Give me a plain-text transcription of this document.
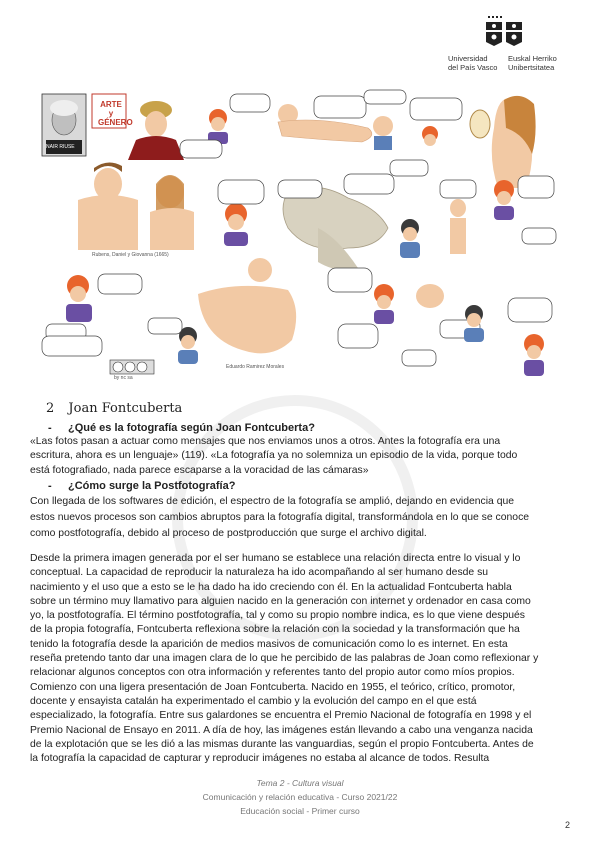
Universidad
del País Vasco
Euskal Herriko
Unibertsitatea
ARTE y GÉNERO
NAIR RIUSE
Rubens, Daniel y Giovanna (1665)
Eduardo Ramirez Morales
by nc sa
2 Joan Fontcuberta
- ¿Qué es la fotografía según Joan Fontcuberta?
«Las fotos pasan a actuar como mensajes que nos enviamos unos a otros. Antes la fotografía era una
escritura, ahora es un lenguaje» (119). «La fotografía ya no solemniza un episodio de la vida, porque todo
está fotografiado, nada parece escaparse a la voracidad de las cámaras»
- ¿Cómo surge la Postfotografía?
Con llegada de los softwares de edición, el espectro de la fotografía se amplió, dejando en evidencia que
estos nuevos procesos son cambios abruptos para la fotografía digital, transformándola en lo que se conoce
como postfotografía, debido al proceso de postproducción que surge el archivo digital.
Desde la primera imagen generada por el ser humano se establece una relación directa entre lo visual y lo
conceptual. La capacidad de reproducir la naturaleza ha ido acompañando al ser humano desde su
nacimiento y el uso que a esto se le ha dado ha ido creciendo con él. En la actualidad Fontcuberta habla
sobre un término muy llamativo para alguien nacido en la generación con internet y ordenador en casa como
yo, la postfotografía. El término postfotografía, tal y como su propio nombre indica, es lo que viene después
de la propia fotografía, Fontcuberta reflexiona sobre la relación con la sociedad y la transformación que ha
tenido la fotografía desde la aparición de medios masivos de comunicación como lo es internet. En esta
reseña pretendo tanto dar una imagen clara de lo que he percibido de las palabras de Joan como reflexionar y
relacionar algunos conceptos con otra información y referentes tanto del propio autor como míos propios.
Comienzo con una ligera presentación de Joan Fontcuberta. Nacido en 1955, el teórico, crítico, promotor,
docente y ensayista catalán ha experimentado el cambio y la evolución del campo en el que está
especializado, la fotografía. Entre sus galardones se encuentra el Premio Nacional de fotografía en 1998 y el
Premio Nacional de Ensayo en 2011. A día de hoy, las imágenes están llevando a cabo una venganza nacida
de la explotación que se les dió a las mismas durante las vanguardias, según el propio Fontcuberta. Antes de
la fotografía la capacidad de capturar y reproducir imágenes no estaba al alcance de todos. Resulta
Tema 2 - Cultura visual
Comunicación y relación educativa - Curso 2021/22
Educación social - Primer curso
2
